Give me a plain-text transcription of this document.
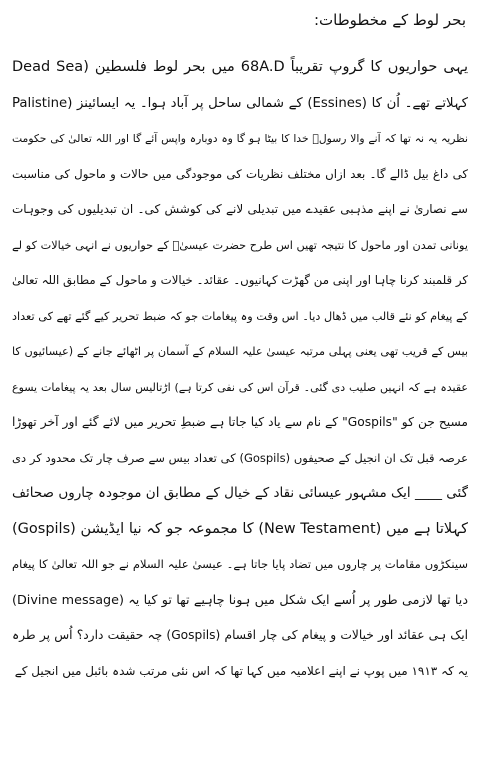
بحر لوط کے مخطوطات:
یہی حواریوں کا گروپ تقریباً 68A.D میں بحر لوط فلسطین (Dead Sea
Palistine) کے شمالی ساحل پر آباد ہوا۔ یہ ایسائینز (Essines) کہلاتے تھے۔ اُن کا
نظریہ یہ نہ تھا کہ آنے والا رسولؐ خدا کا بیٹا ہو گا وہ دوبارہ واپس آئے گا اور اللہ تعالیٰ کی حکومت
کی داغ بیل ڈالے گا۔ بعد ازاں مختلف نظریات کی موجودگی میں حالات و ماحول کی مناسبت
سے نصاریٰ نے اپنے مذہبی عقیدے میں تبدیلی لانے کی کوشش کی۔ ان تبدیلیوں کی وجوہات
یونانی تمدن اور ماحول کا نتیجہ تھیں اس طرح حضرت عیسیٰؑ کے حواریوں نے انہی خیالات کو لے
کر قلمبند کرنا چاہا اور اپنی من گھڑت کہانیوں۔ عقائد۔ خیالات و ماحول کے مطابق اللہ تعالیٰ
کے پیغام کو نئے قالب میں ڈھال دیا۔ اس وقت وہ پیغامات جو کہ ضبط تحریر کیے گئے تھے کی تعداد
بیس کے قریب تھی یعنی پہلی مرتبہ عیسیٰ علیہ السلام کے آسمان پر اٹھائے جانے کے (عیسائیوں کا
عقیدہ ہے کہ انہیں صلیب دی گئی۔ قرآن اس کی نفی کرتا ہے) اڑتالیس سال بعد یہ پیغامات یسوع
مسیح جن کو "Gospils" کے نام سے یاد کیا جاتا ہے ضبطِ تحریر میں لائے گئے اور آخر تھوڑا
عرصہ قبل تک ان انجیل کے صحیفوں (Gospils) کی تعداد بیس سے صرف چار تک محدود کر دی
گئی ____ ایک مشہور عیسائی نقاد کے خیال کے مطابق ان موجودہ چاروں صحائف
(Gospils) کا مجموعہ جو کہ نیا ایڈیشن (New Testament) کہلاتا ہے میں
سینکڑوں مقامات پر چاروں میں تضاد پایا جاتا ہے۔ عیسیٰ علیہ السلام نے جو اللہ تعالیٰ کا پیغام
(Divine message) دیا تھا لازمی طور پر اُسے ایک شکل میں ہونا چاہیے تھا تو کیا یہ
ایک ہی عقائد اور خیالات و پیغام کی چار اقسام (Gospils) چہ حقیقت دارد؟ اُس پر طرہ
یہ کہ ۱۹۱۳ میں پوپ نے اپنے اعلامیہ میں کہا تھا کہ اس نئی مرتب شدہ بائبل میں انجیل کے
